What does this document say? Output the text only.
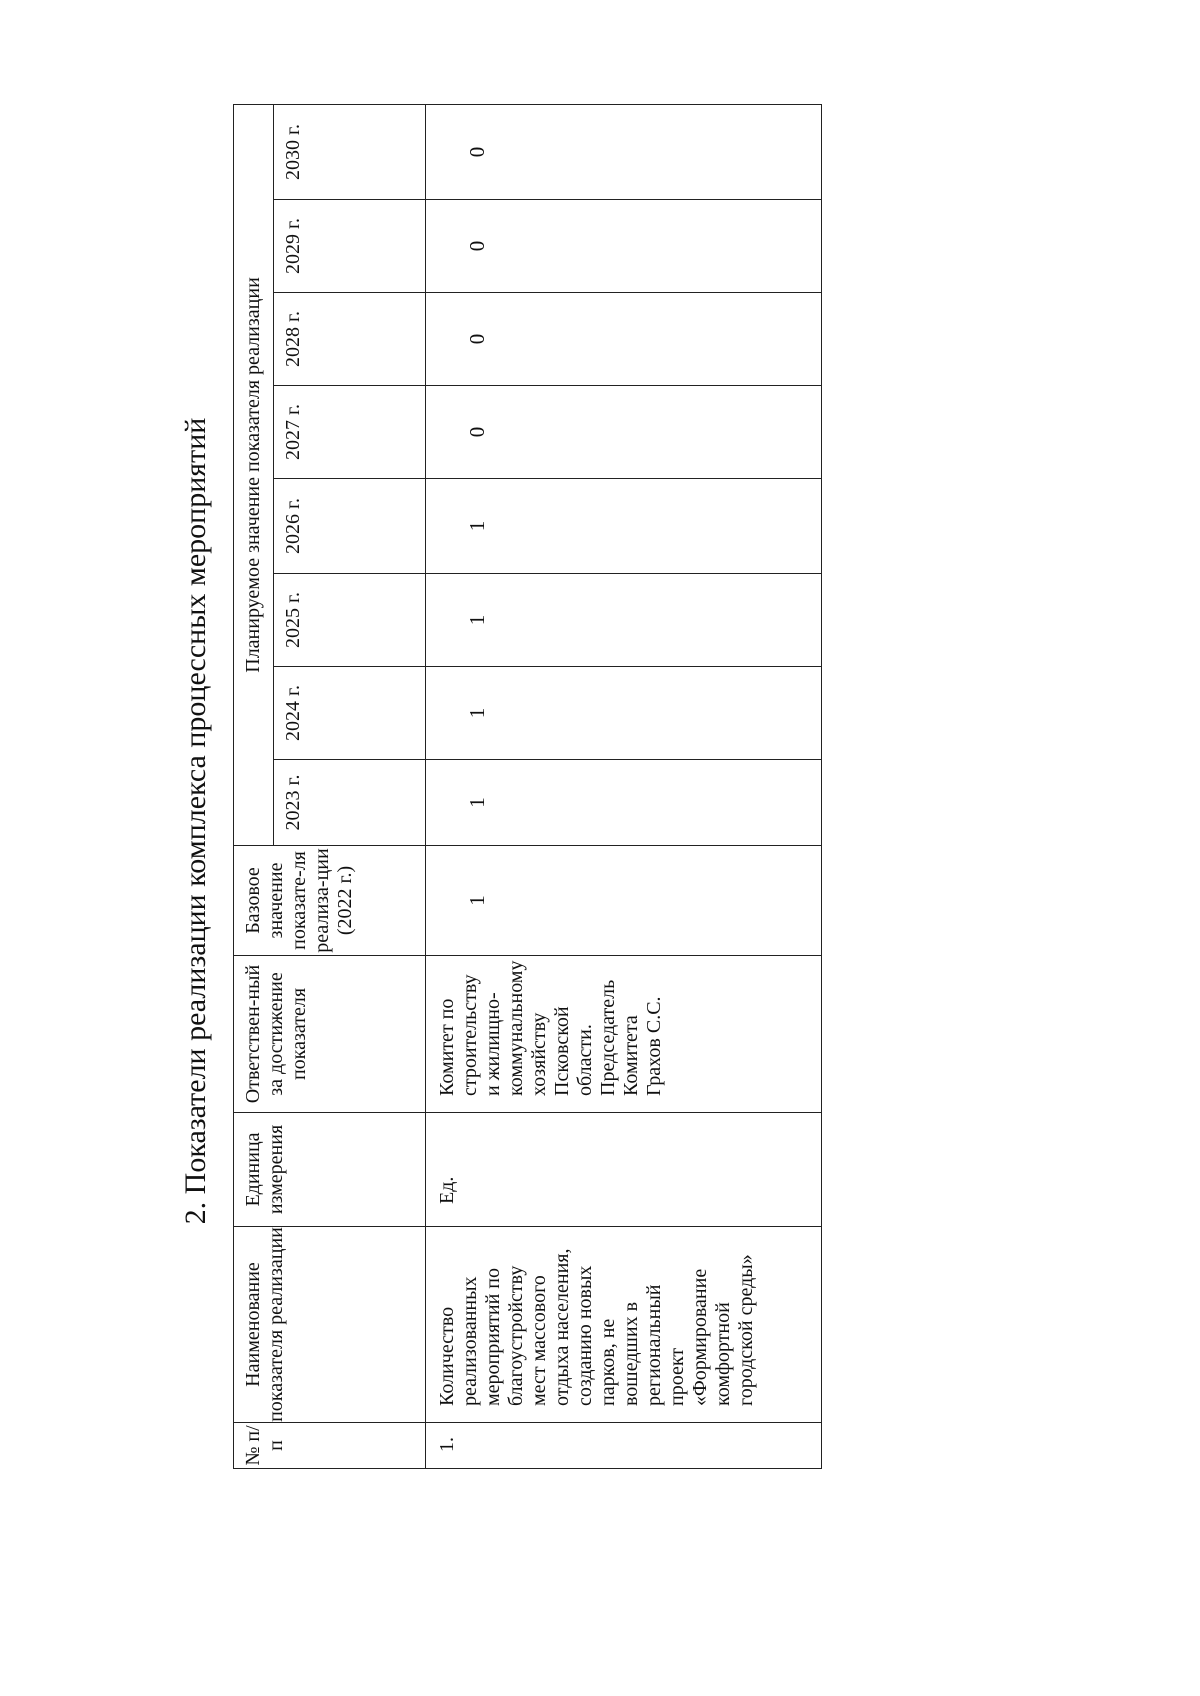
2. Показатели реализации комплекса процессных мероприятий
№ п/п	Наименование показателя реализации	Единица измерения	Ответствен-ный за достижение показателя	Базовое значение показате-ля реализа-ции (2022 г.)	Планируемое значение показателя реализации							
					2023 г.	2024 г.	2025 г.	2026 г.	2027 г.	2028 г.	2029 г.	2030 г.
1.	Количество реализованных мероприятий по благоустройству мест массового отдыха населения, созданию новых парков, не вошедших в региональный проект «Формирование комфортной городской среды»	Ед.	Комитет по строительству и жилищно-коммунальному хозяйству Псковской области. Председатель Комитета Грахов С.С.	1	1	1	1	1	0	0	0	0
